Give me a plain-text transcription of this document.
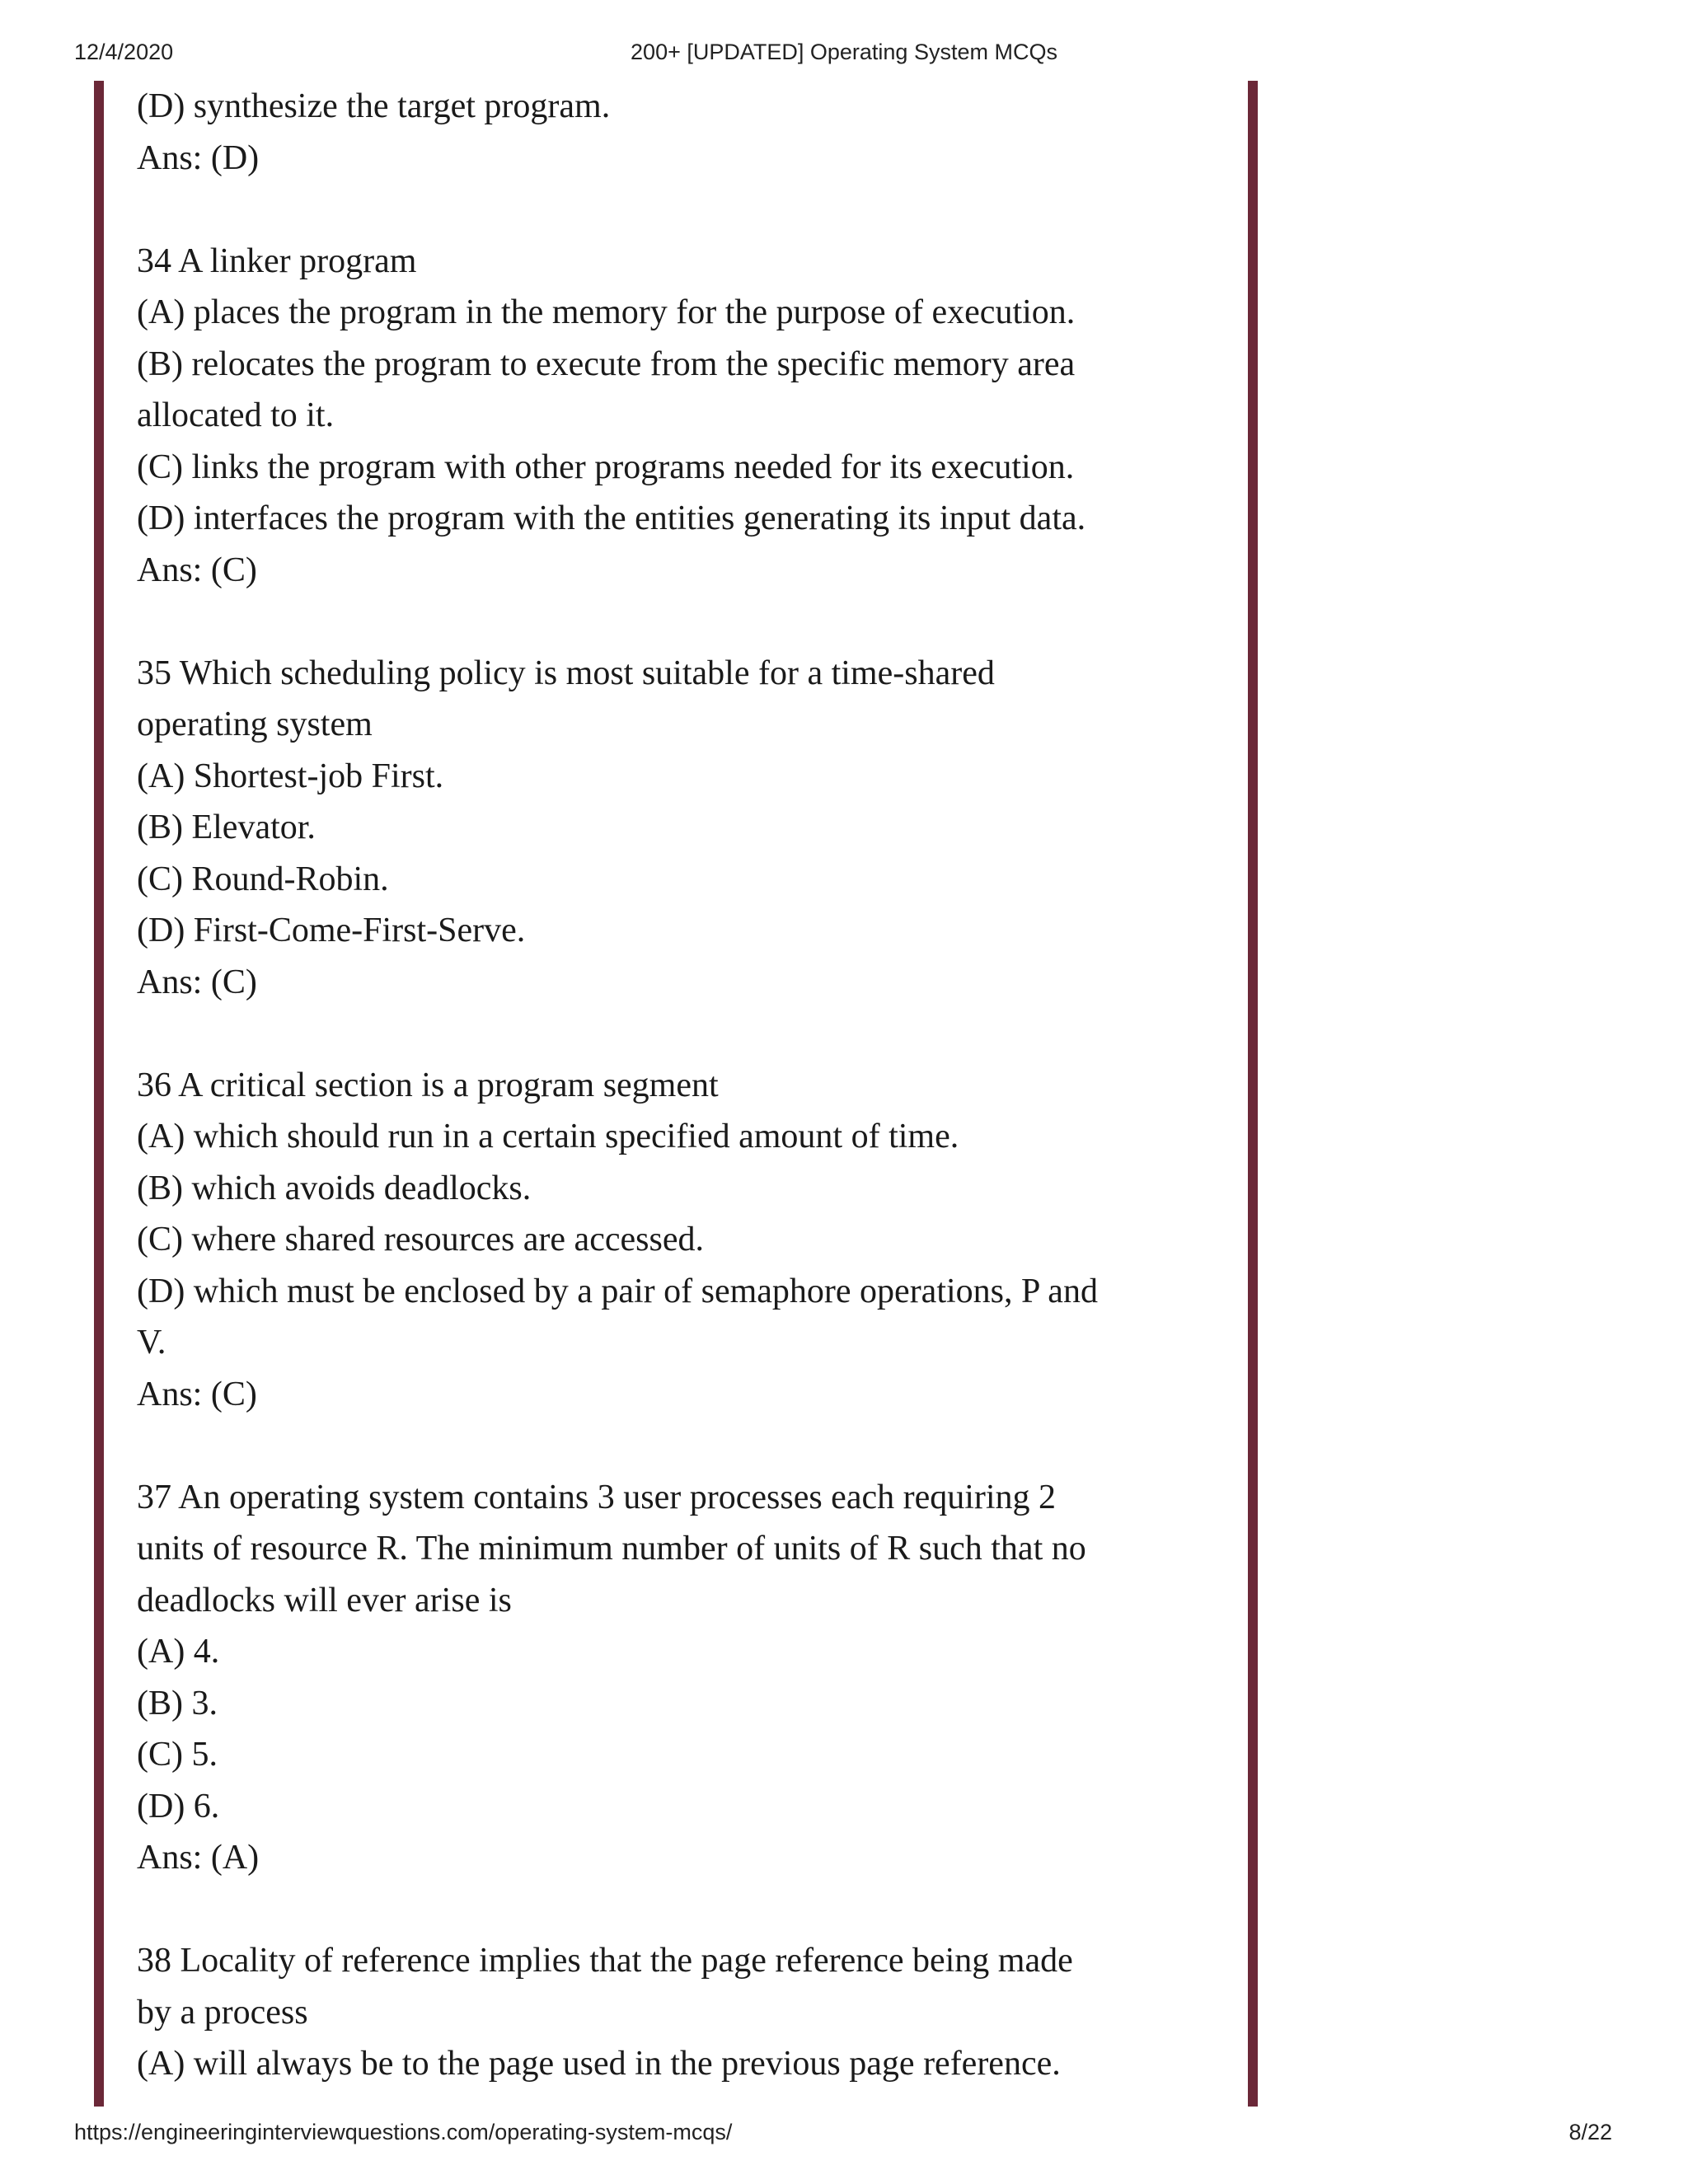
12/4/2020	200+ [UPDATED] Operating System MCQs
(D) synthesize the target program.
Ans: (D)
34 A linker program
(A) places the program in the memory for the purpose of execution.
(B) relocates the program to execute from the specific memory area
allocated to it.
(C) links the program with other programs needed for its execution.
(D) interfaces the program with the entities generating its input data.
Ans: (C)
35 Which scheduling policy is most suitable for a time-shared
operating system
(A) Shortest-job First.
(B) Elevator.
(C) Round-Robin.
(D) First-Come-First-Serve.
Ans: (C)
36 A critical section is a program segment
(A) which should run in a certain specified amount of time.
(B) which avoids deadlocks.
(C) where shared resources are accessed.
(D) which must be enclosed by a pair of semaphore operations, P and
V.
Ans: (C)
37 An operating system contains 3 user processes each requiring 2
units of resource R. The minimum number of units of R such that no
deadlocks will ever arise is
(A) 4.
(B) 3.
(C) 5.
(D) 6.
Ans: (A)
38 Locality of reference implies that the page reference being made
by a process
(A) will always be to the page used in the previous page reference.
https://engineeringinterviewquestions.com/operating-system-mcqs/	8/22
